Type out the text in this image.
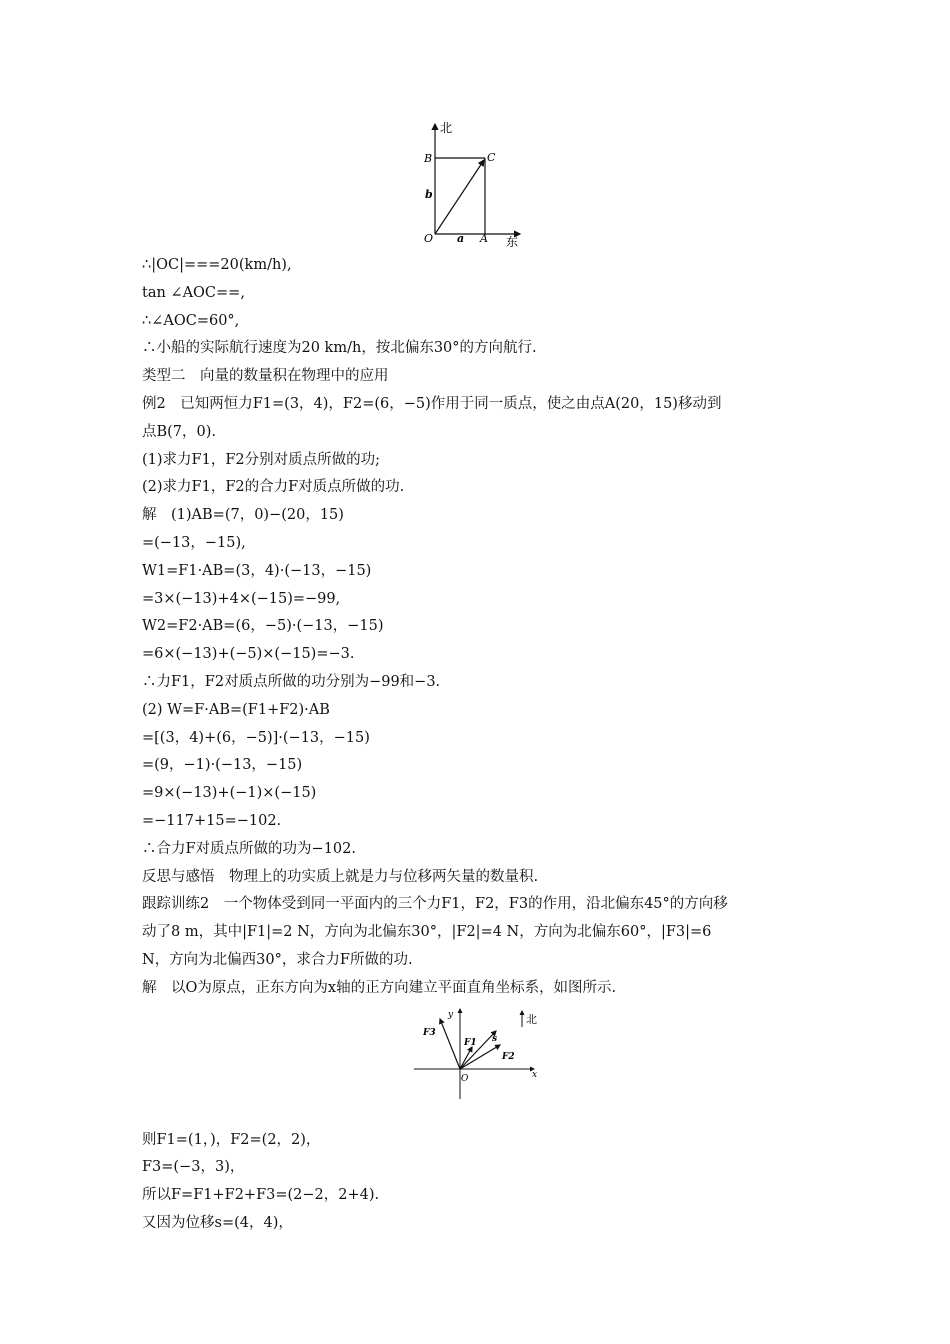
北
B	C
b
O a A 东
∴|OC|===20(km/h),
tan ∠AOC==,
∴∠AOC=60°,
∴小船的实际航行速度为20 km/h，按北偏东30°的方向航行.
类型二　向量的数量积在物理中的应用
例2　已知两恒力F1=(3，4)，F2=(6，−5)作用于同一质点，使之由点A(20，15)移动到
点B(7，0).
(1)求力F1，F2分别对质点所做的功;
(2)求力F1，F2的合力F对质点所做的功.
解　(1)AB=(7，0)−(20，15)
=(−13，−15),
W1=F1·AB=(3，4)·(−13，−15)
=3×(−13)+4×(−15)=−99,
W2=F2·AB=(6，−5)·(−13，−15)
=6×(−13)+(−5)×(−15)=−3.
∴力F1，F2对质点所做的功分别为−99和−3.
(2) W=F·AB=(F1+F2)·AB
=[(3，4)+(6，−5)]·(−13，−15)
=(9，−1)·(−13，−15)
=9×(−13)+(−1)×(−15)
=−117+15=−102.
∴合力F对质点所做的功为−102.
反思与感悟　物理上的功实质上就是力与位移两矢量的数量积.
跟踪训练2　一个物体受到同一平面内的三个力F1，F2，F3的作用，沿北偏东45°的方向移
动了8 m，其中|F1|=2 N，方向为北偏东30°，|F2|=4 N，方向为北偏东60°，|F3|=6
N，方向为北偏西30°，求合力F所做的功.
解　以O为原点，正东方向为x轴的正方向建立平面直角坐标系，如图所示.
则F1=(1，)，F2=(2，2)，
F3=(−3，3)，
所以F=F1+F2+F3=(2−2，2+4).
又因为位移s=(4，4)，
y	北
F3
F1 s
F2
O	x
